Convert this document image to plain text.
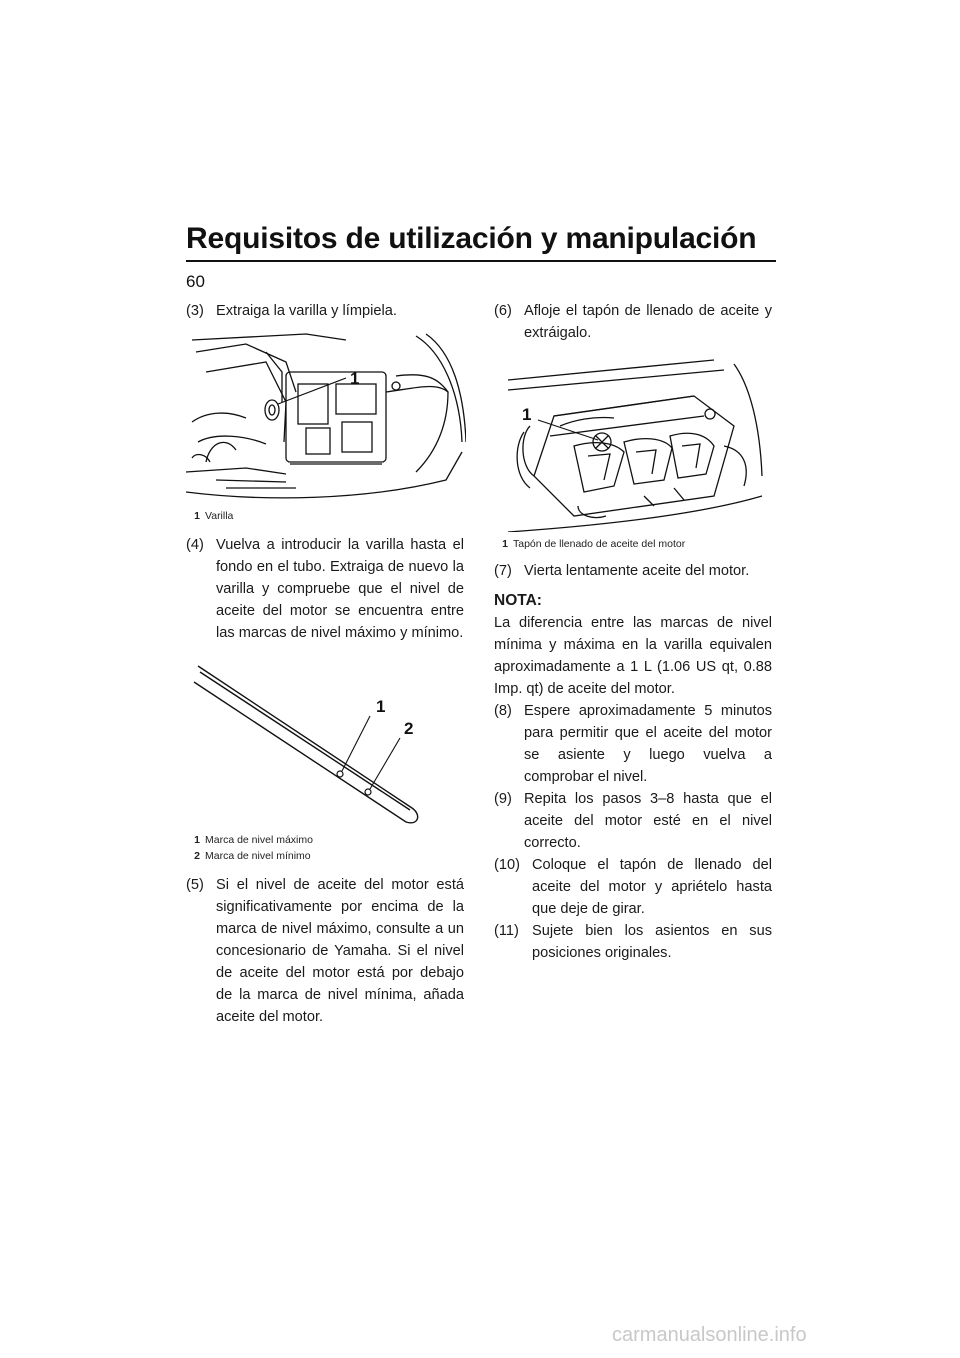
Requisitos de utilización y manipulación
60
(3) Extraiga la varilla y límpiela.
1
1 Varilla
(4) Vuelva a introducir la varilla hasta el fondo en el tubo. Extraiga de nuevo la varilla y compruebe que el nivel de aceite del motor se encuentra entre las marcas de nivel máximo y mínimo.
1
2
1 Marca de nivel máximo
2 Marca de nivel mínimo
(5) Si el nivel de aceite del motor está significativamente por encima de la marca de nivel máximo, consulte a un concesionario de Yamaha. Si el nivel de aceite del motor está por debajo de la marca de nivel mínima, añada aceite del motor.
(6) Afloje el tapón de llenado de aceite y extráigalo.
1
1 Tapón de llenado de aceite del motor
(7) Vierta lentamente aceite del motor.
NOTA:
La diferencia entre las marcas de nivel mínima y máxima en la varilla equivalen aproximadamente a 1 L (1.06 US qt, 0.88 Imp. qt) de aceite del motor.
(8) Espere aproximadamente 5 minutos para permitir que el aceite del motor se asiente y luego vuelva a comprobar el nivel.
(9) Repita los pasos 3–8 hasta que el aceite del motor esté en el nivel correcto.
(10) Coloque el tapón de llenado del aceite del motor y apriételo hasta que deje de girar.
(11) Sujete bien los asientos en sus posiciones originales.
carmanualsonline.info
